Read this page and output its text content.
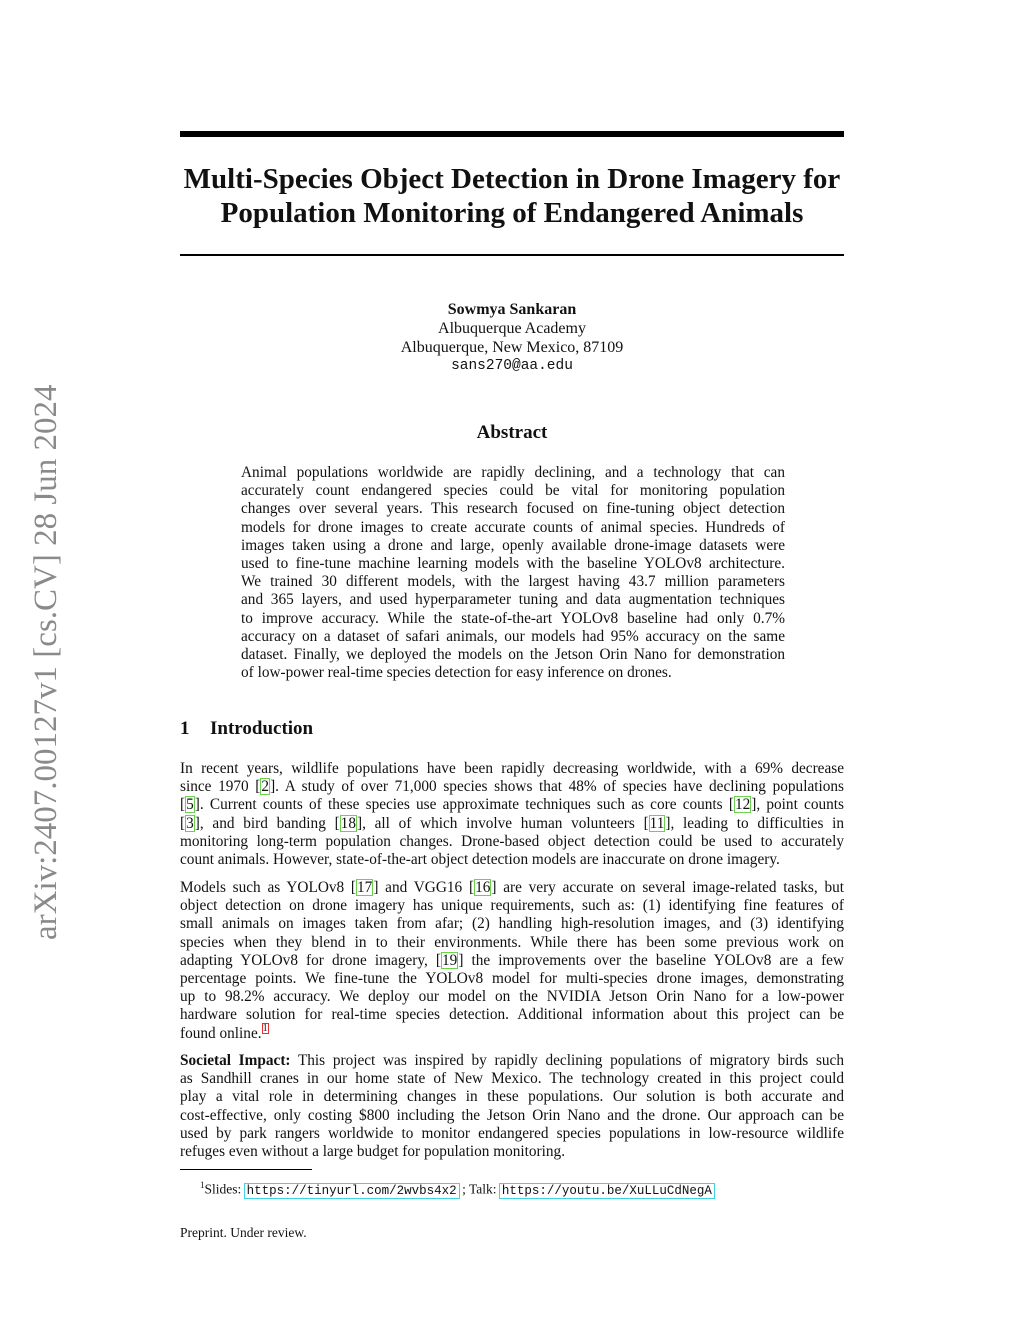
arXiv:2407.00127v1 [cs.CV] 28 Jun 2024
Multi-Species Object Detection in Drone Imagery for
Population Monitoring of Endangered Animals
Sowmya Sankaran
Albuquerque Academy
Albuquerque, New Mexico, 87109
sans270@aa.edu
Abstract
Animal populations worldwide are rapidly declining, and a technology that can
accurately count endangered species could be vital for monitoring population
changes over several years. This research focused on fine-tuning object detection
models for drone images to create accurate counts of animal species. Hundreds of
images taken using a drone and large, openly available drone-image datasets were
used to fine-tune machine learning models with the baseline YOLOv8 architecture.
We trained 30 different models, with the largest having 43.7 million parameters
and 365 layers, and used hyperparameter tuning and data augmentation techniques
to improve accuracy. While the state-of-the-art YOLOv8 baseline had only 0.7%
accuracy on a dataset of safari animals, our models had 95% accuracy on the same
dataset. Finally, we deployed the models on the Jetson Orin Nano for demonstration
of low-power real-time species detection for easy inference on drones.
1 Introduction
In recent years, wildlife populations have been rapidly decreasing worldwide, with a 69% decrease
since 1970 [2]. A study of over 71,000 species shows that 48% of species have declining populations
[5]. Current counts of these species use approximate techniques such as core counts [12], point counts
[3], and bird banding [18], all of which involve human volunteers [11], leading to difficulties in
monitoring long-term population changes. Drone-based object detection could be used to accurately
count animals. However, state-of-the-art object detection models are inaccurate on drone imagery.
Models such as YOLOv8 [17] and VGG16 [16] are very accurate on several image-related tasks, but
object detection on drone imagery has unique requirements, such as: (1) identifying fine features of
small animals on images taken from afar; (2) handling high-resolution images, and (3) identifying
species when they blend in to their environments. While there has been some previous work on
adapting YOLOv8 for drone imagery, [19] the improvements over the baseline YOLOv8 are a few
percentage points. We fine-tune the YOLOv8 model for multi-species drone images, demonstrating
up to 98.2% accuracy. We deploy our model on the NVIDIA Jetson Orin Nano for a low-power
hardware solution for real-time species detection. Additional information about this project can be
found online.$^1$
Societal Impact: This project was inspired by rapidly declining populations of migratory birds such
as Sandhill cranes in our home state of New Mexico. The technology created in this project could
play a vital role in determining changes in these populations. Our solution is both accurate and
cost-effective, only costing $800 including the Jetson Orin Nano and the drone. Our approach can be
used by park rangers worldwide to monitor endangered species populations in low-resource wildlife
refuges even without a large budget for population monitoring.
$^1$Slides: https://tinyurl.com/2wvbs4x2 ; Talk: https://youtu.be/XuLLuCdNegA
Preprint. Under review.
